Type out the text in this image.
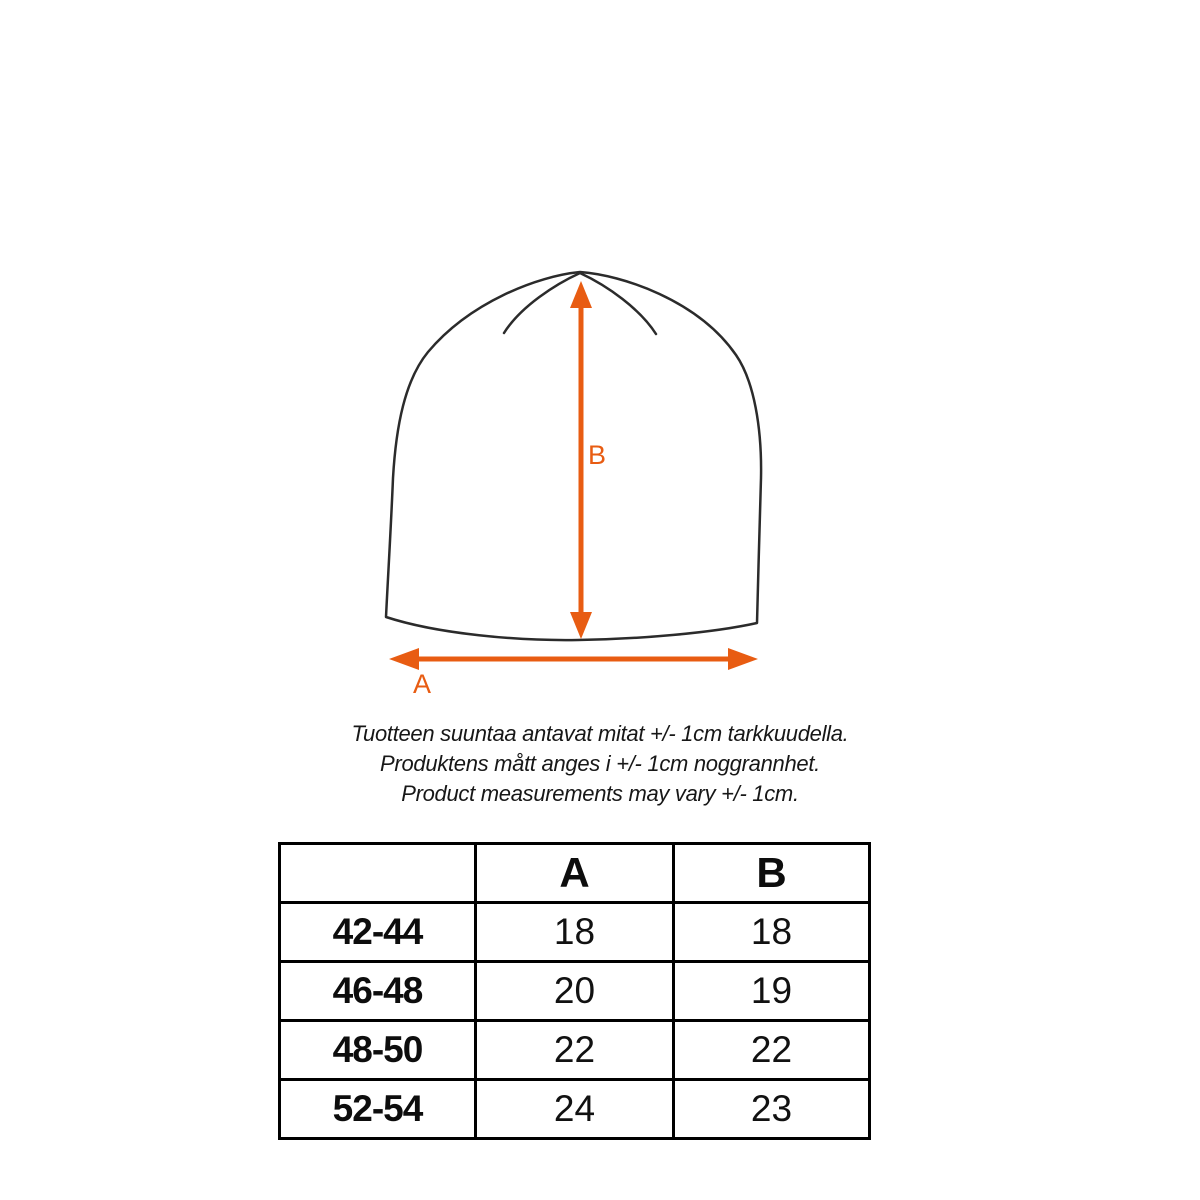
B
A

Tuotteen suuntaa antavat mitat +/- 1cm tarkkuudella.

Produktens mått anges i +/- 1cm noggrannhet.

Product measurements may vary +/- 1cm.

	A	B
42-44	18	18
46-48	20	19
48-50	22	22
52-54	24	23
